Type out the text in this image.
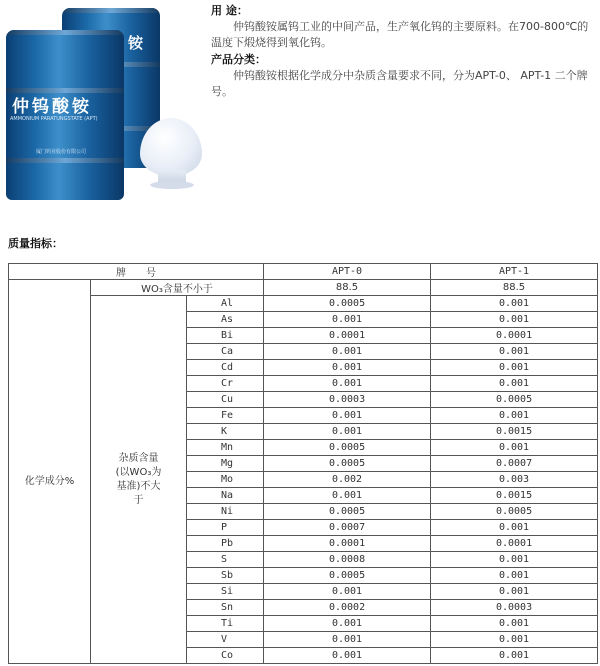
铵
仲钨酸铵
AMMONIUM PARATUNGSTATE (APT)
厦门钨业股份有限公司
用 途：

仲钨酸铵属钨工业的中间产品，生产氧化钨的主要原料。在700-800℃的温度下煅烧得到氧化钨。

产品分类：

仲钨酸铵根据化学成分中杂质含量要求不同，分为APT-0、 APT-1 二个牌号。

质量指标：
牌　　号			APT-0	APT-1
	WO₃含量不小于		88.5	88.5
化学成分%	杂质含量(以WO₃为基准)不大于	Al	0.0005	0.001
		As	0.001	0.001
		Bi	0.0001	0.0001
		Ca	0.001	0.001
		Cd	0.001	0.001
		Cr	0.001	0.001
		Cu	0.0003	0.0005
		Fe	0.001	0.001
		K	0.001	0.0015
		Mn	0.0005	0.001
		Mg	0.0005	0.0007
		Mo	0.002	0.003
		Na	0.001	0.0015
		Ni	0.0005	0.0005
		P	0.0007	0.001
		Pb	0.0001	0.0001
		S	0.0008	0.001
		Sb	0.0005	0.001
		Si	0.001	0.001
		Sn	0.0002	0.0003
		Ti	0.001	0.001
		V	0.001	0.001
		Co	0.001	0.001
